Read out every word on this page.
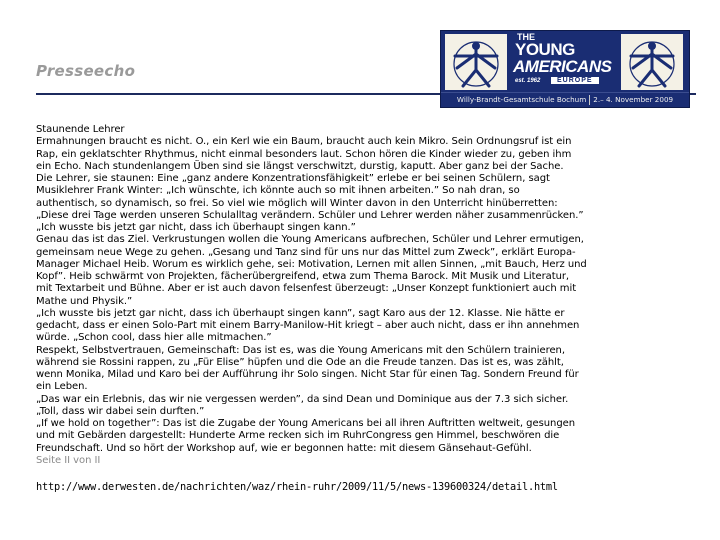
Presseecho
THE
YOUNG
AMERICANS
est. 1962	EUROPE
Willy-Brandt-Gesamtschule Bochum 2.– 4. November 2009

Staunende Lehrer

Ermahnungen braucht es nicht. O., ein Kerl wie ein Baum, braucht auch kein Mikro. Sein Ordnungsruf ist ein

Rap, ein geklatschter Rhythmus, nicht einmal besonders laut. Schon hören die Kinder wieder zu, geben ihm

ein Echo. Nach stundenlangem Üben sind sie längst verschwitzt, durstig, kaputt. Aber ganz bei der Sache.

Die Lehrer, sie staunen: Eine „ganz andere Konzentrationsfähigkeit” erlebe er bei seinen Schülern, sagt

Musiklehrer Frank Winter: „Ich wünschte, ich könnte auch so mit ihnen arbeiten.” So nah dran, so

authentisch, so dynamisch, so frei. So viel wie möglich will Winter davon in den Unterricht hinüberretten:

„Diese drei Tage werden unseren Schulalltag verändern. Schüler und Lehrer werden näher zusammenrücken.”

„Ich wusste bis jetzt gar nicht, dass ich überhaupt singen kann.”

Genau das ist das Ziel. Verkrustungen wollen die Young Americans aufbrechen, Schüler und Lehrer ermutigen,

gemeinsam neue Wege zu gehen. „Gesang und Tanz sind für uns nur das Mittel zum Zweck”, erklärt Europa-

Manager Michael Heib. Worum es wirklich gehe, sei: Motivation, Lernen mit allen Sinnen, „mit Bauch, Herz und

Kopf”. Heib schwärmt von Projekten, fächerübergreifend, etwa zum Thema Barock. Mit Musik und Literatur,

mit Textarbeit und Bühne. Aber er ist auch davon felsenfest überzeugt: „Unser Konzept funktioniert auch mit

Mathe und Physik.”

„Ich wusste bis jetzt gar nicht, dass ich überhaupt singen kann”, sagt Karo aus der 12. Klasse. Nie hätte er

gedacht, dass er einen Solo-Part mit einem Barry-Manilow-Hit kriegt – aber auch nicht, dass er ihn annehmen

würde. „Schon cool, dass hier alle mitmachen.”

Respekt, Selbstvertrauen, Gemeinschaft: Das ist es, was die Young Americans mit den Schülern trainieren,

während sie Rossini rappen, zu „Für Elise” hüpfen und die Ode an die Freude tanzen. Das ist es, was zählt,

wenn Monika, Milad und Karo bei der Aufführung ihr Solo singen. Nicht Star für einen Tag. Sondern Freund für

ein Leben.

„Das war ein Erlebnis, das wir nie vergessen werden”, da sind Dean und Dominique aus der 7.3 sich sicher.

„Toll, dass wir dabei sein durften.”

„If we hold on together”: Das ist die Zugabe der Young Americans bei all ihren Auftritten weltweit, gesungen

und mit Gebärden dargestellt: Hunderte Arme recken sich im RuhrCongress gen Himmel, beschwören die

Freundschaft. Und so hört der Workshop auf, wie er begonnen hatte: mit diesem Gänsehaut-Gefühl.

Seite II von II

http://www.derwesten.de/nachrichten/waz/rhein-ruhr/2009/11/5/news-139600324/detail.html
